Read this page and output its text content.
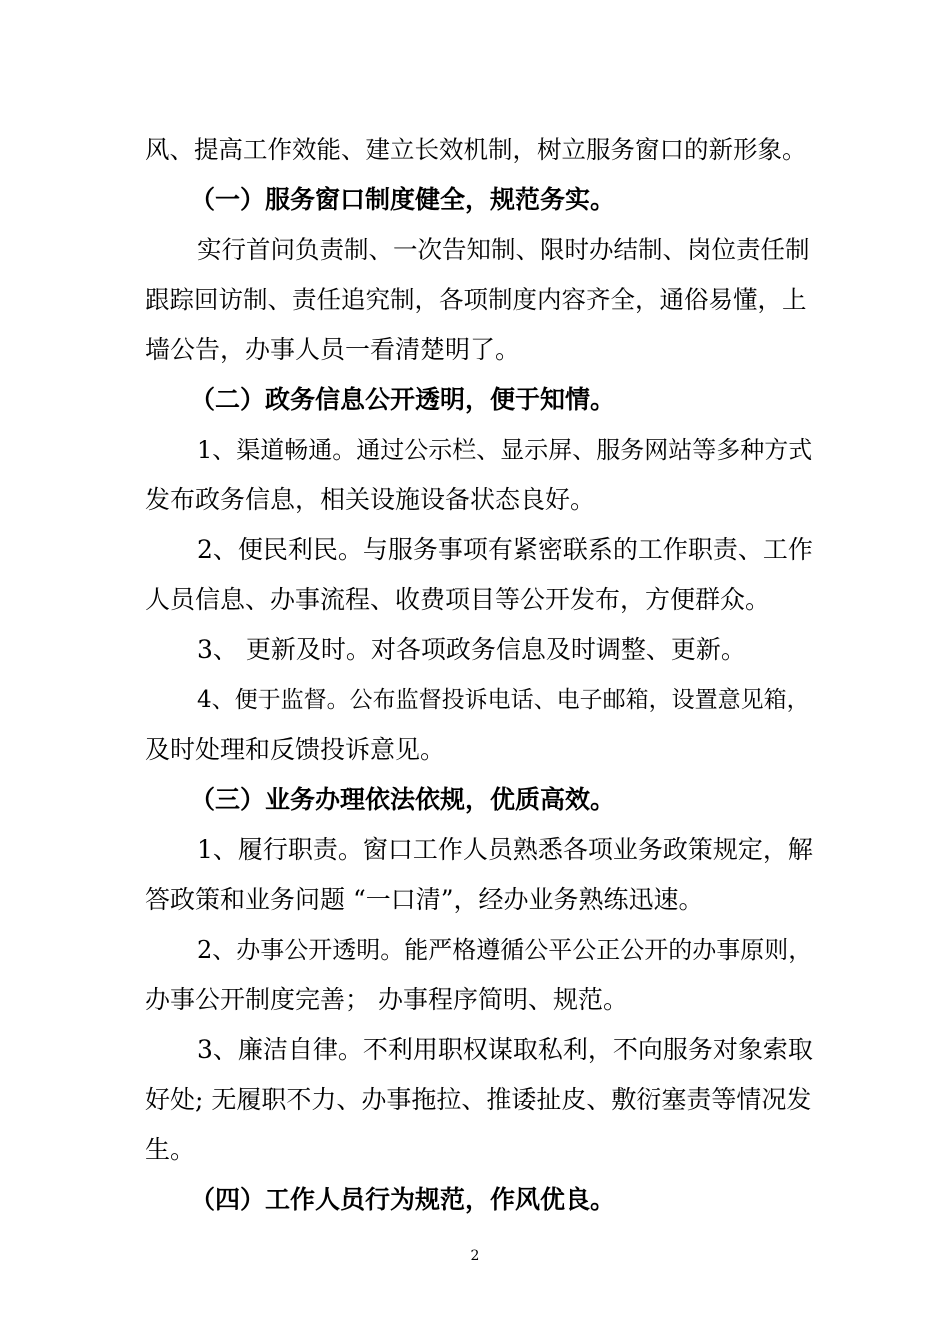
风、提高工作效能、建立长效机制，树立服务窗口的新形象。
（一）服务窗口制度健全，规范务实。
实行首问负责制、一次告知制、限时办结制、岗位责任制
跟踪回访制、责任追究制，各项制度内容齐全，通俗易懂，上
墙公告，办事人员一看清楚明了。
（二）政务信息公开透明，便于知情。
1、渠道畅通。通过公示栏、显示屏、服务网站等多种方式
发布政务信息，相关设施设备状态良好。
2、便民利民。与服务事项有紧密联系的工作职责、工作
人员信息、办事流程、收费项目等公开发布，方便群众。
3、 更新及时。对各项政务信息及时调整、更新。
4、便于监督。公布监督投诉电话、电子邮箱，设置意见箱，
及时处理和反馈投诉意见。
（三）业务办理依法依规，优质高效。
1、履行职责。窗口工作人员熟悉各项业务政策规定，解
答政策和业务问题 “一口清”，经办业务熟练迅速。
2、办事公开透明。能严格遵循公平公正公开的办事原则，
办事公开制度完善； 办事程序简明、规范。
3、廉洁自律。不利用职权谋取私利，不向服务对象索取
好处; 无履职不力、办事拖拉、推诿扯皮、敷衍塞责等情况发
生。
（四）工作人员行为规范，作风优良。
2
